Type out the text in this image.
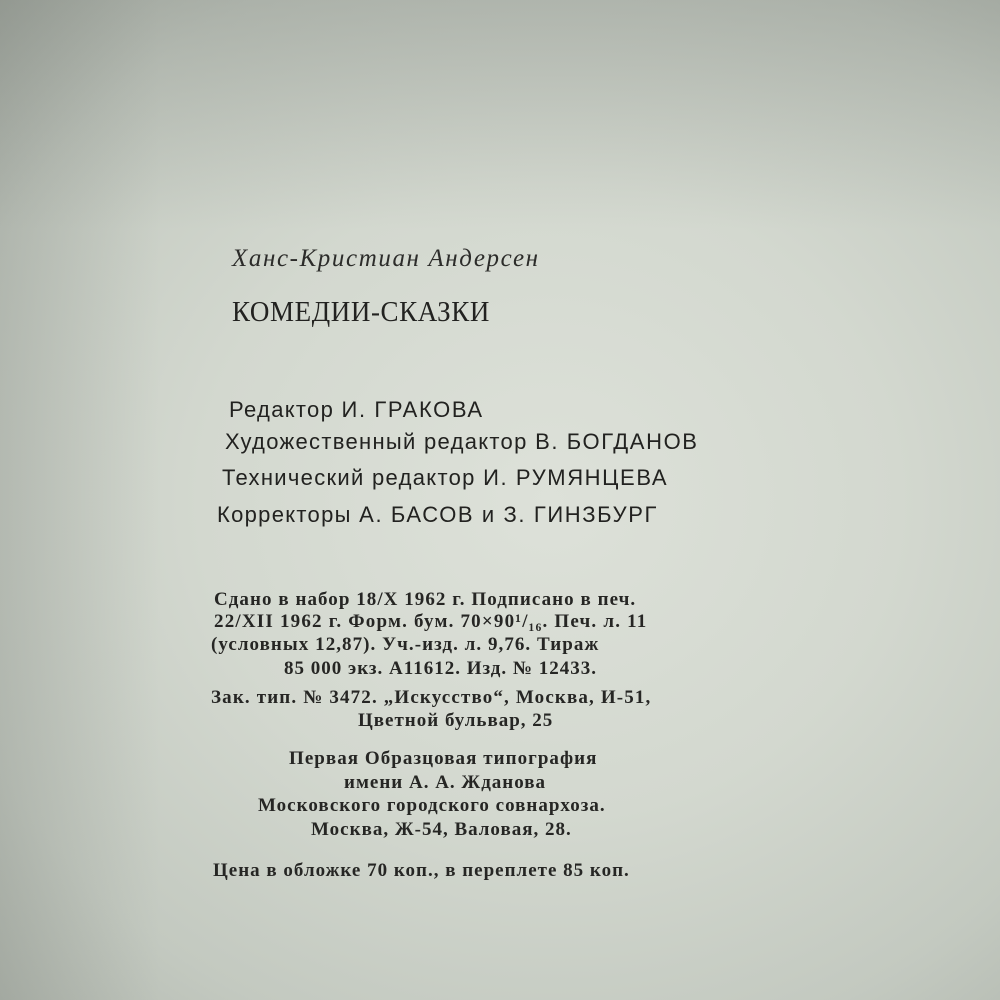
Ханс-Кристиан Андерсен
КОМЕДИИ-СКАЗКИ
Редактор И. ГРАКОВА
Художественный редактор В. БОГДАНОВ
Технический редактор И. РУМЯНЦЕВА
Корректоры А. БАСОВ и З. ГИНЗБУРГ
Сдано в набор 18/X 1962 г. Подписано в печ.
22/XII 1962 г. Форм. бум. 70×90¹/₁₆. Печ. л. 11
(условных 12,87). Уч.-изд. л. 9,76. Тираж
85 000 экз. А11612. Изд. № 12433.
Зак. тип. № 3472. „Искусство“, Москва, И-51,
Цветной бульвар, 25
Первая Образцовая типография
имени А. А. Жданова
Московского городского совнархоза.
Москва, Ж-54, Валовая, 28.
Цена в обложке 70 коп., в переплете 85 коп.
